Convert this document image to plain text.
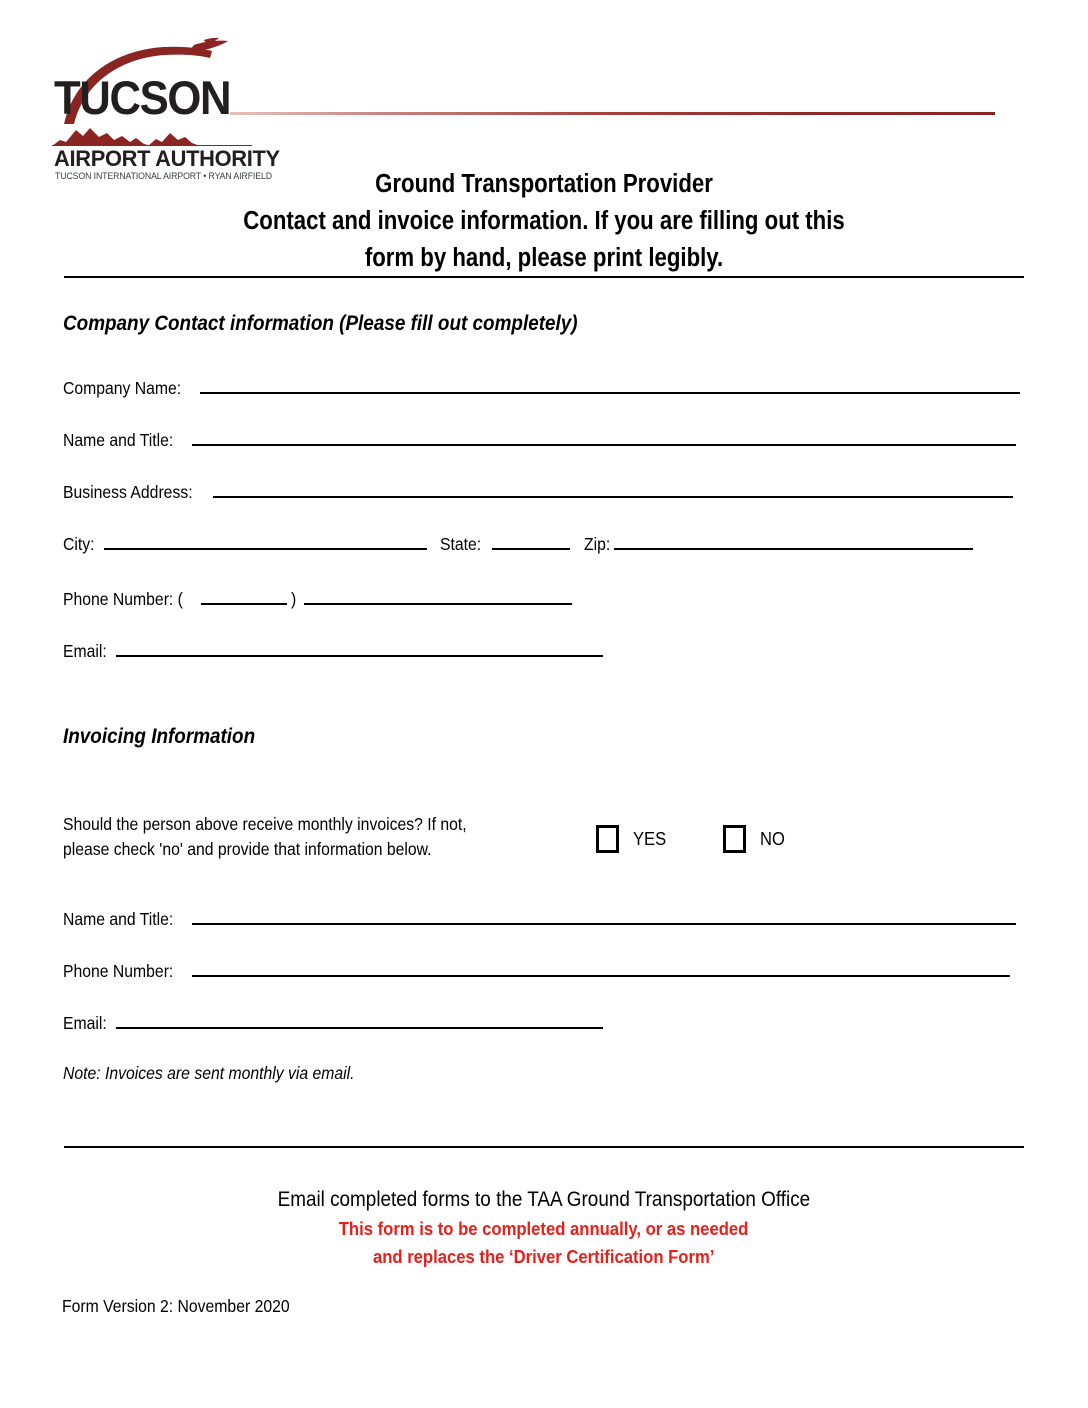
TUCSON
AIRPORT AUTHORITY
TUCSON INTERNATIONAL AIRPORT • RYAN AIRFIELD	Ground Transportation Provider
Contact and invoice information. If you are filling out this
form by hand, please print legibly.
Company Contact information (Please fill out completely)
Company Name:
Name and Title:
Business Address:
City:	State:	Zip:
Phone Number: (	)
Email:
Invoicing Information
Should the person above receive monthly invoices? If not,
please check 'no' and provide that information below.
YES	NO
Name and Title:
Phone Number:
Email:
Note: Invoices are sent monthly via email.
Email completed forms to the TAA Ground Transportation Office
This form is to be completed annually, or as needed
and replaces the ‘Driver Certification Form’
Form Version 2: November 2020
